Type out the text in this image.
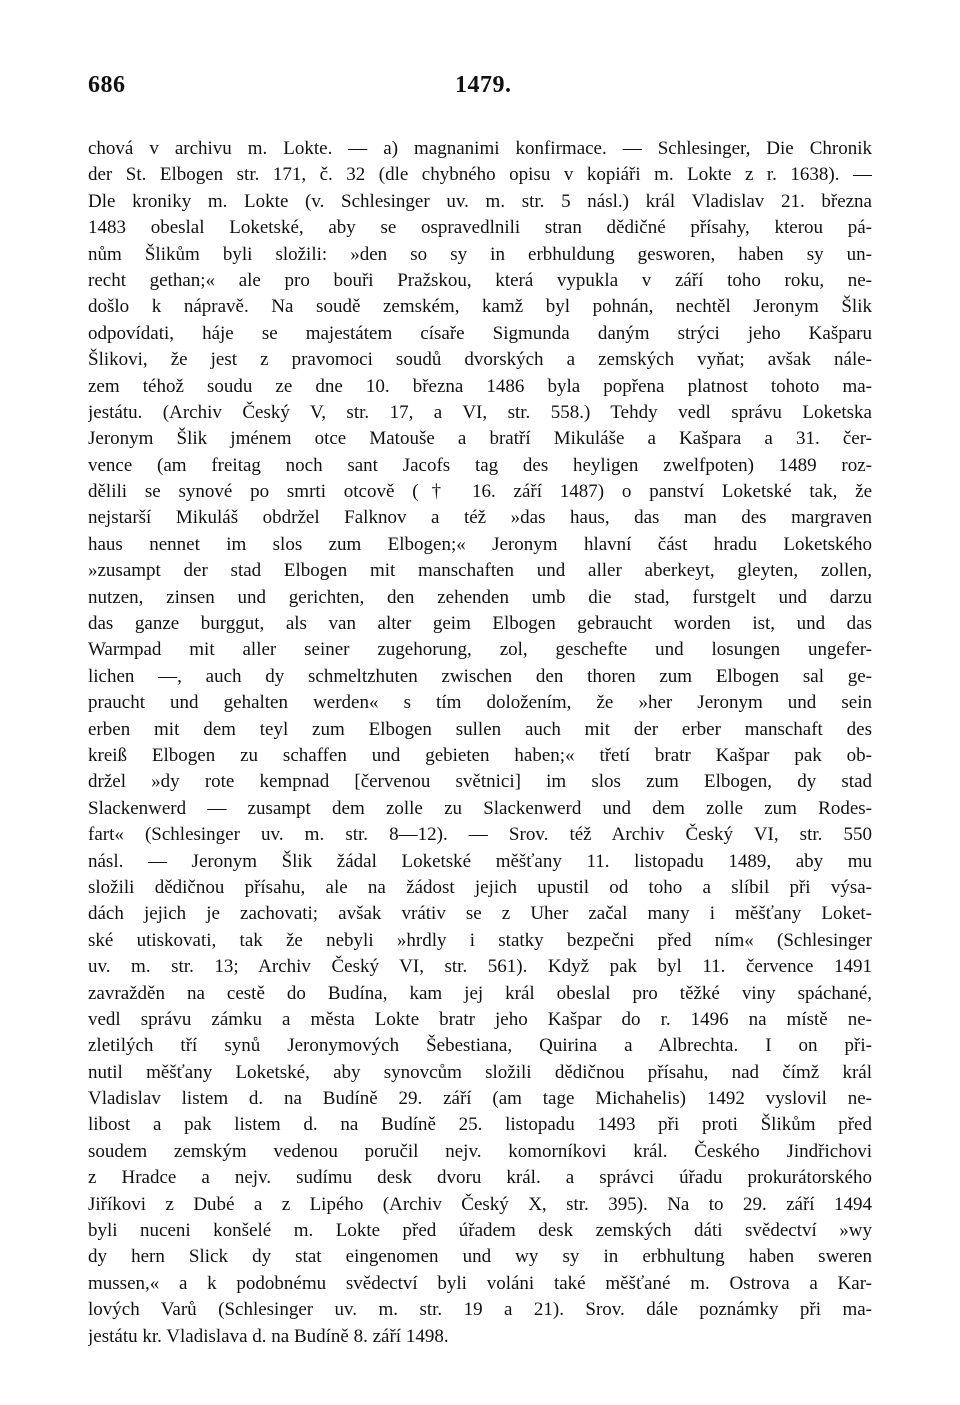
686	1479.
chová v archivu m. Lokte. — a) magnanimi konfirmace. — Schlesinger, Die Chronik
der St. Elbogen str. 171, č. 32 (dle chybného opisu v kopiáři m. Lokte z r. 1638). —
Dle kroniky m. Lokte (v. Schlesinger uv. m. str. 5 násl.) král Vladislav 21. března
1483 obeslal Loketské, aby se ospravedlnili stran dědičné přísahy, kterou pá-
nům Šlikům byli složili: »den so sy in erbhuldung gesworen, haben sy un-
recht gethan;« ale pro bouři Pražskou, která vypukla v září toho roku, ne-
došlo k nápravě. Na soudě zemském, kamž byl pohnán, nechtěl Jeronym Šlik
odpovídati, háje se majestátem císaře Sigmunda daným strýci jeho Kašparu
Šlikovi, že jest z pravomoci soudů dvorských a zemských vyňat; avšak nále-
zem téhož soudu ze dne 10. března 1486 byla popřena platnost tohoto ma-
jestátu. (Archiv Český V, str. 17, a VI, str. 558.) Tehdy vedl správu Loketska
Jeronym Šlik jménem otce Matouše a bratří Mikuláše a Kašpara a 31. čer-
vence (am freitag noch sant Jacofs tag des heyligen zwelfpoten) 1489 roz-
dělili se synové po smrti otcově († 16. září 1487) o panství Loketské tak, že
nejstarší Mikuláš obdržel Falknov a též »das haus, das man des margraven
haus nennet im slos zum Elbogen;« Jeronym hlavní část hradu Loketského
»zusampt der stad Elbogen mit manschaften und aller aberkeyt, gleyten, zollen,
nutzen, zinsen und gerichten, den zehenden umb die stad, furstgelt und darzu
das ganze burggut, als van alter geim Elbogen gebraucht worden ist, und das
Warmpad mit aller seiner zugehorung, zol, geschefte und losungen ungefer-
lichen —, auch dy schmeltzhuten zwischen den thoren zum Elbogen sal ge-
praucht und gehalten werden« s tím doložením, že »her Jeronym und sein
erben mit dem teyl zum Elbogen sullen auch mit der erber manschaft des
kreiß Elbogen zu schaffen und gebieten haben;« třetí bratr Kašpar pak ob-
držel »dy rote kempnad [červenou světnici] im slos zum Elbogen, dy stad
Slackenwerd — zusampt dem zolle zu Slackenwerd und dem zolle zum Rodes-
fart« (Schlesinger uv. m. str. 8—12). — Srov. též Archiv Český VI, str. 550
násl. — Jeronym Šlik žádal Loketské měšťany 11. listopadu 1489, aby mu
složili dědičnou přísahu, ale na žádost jejich upustil od toho a slíbil při výsa-
dách jejich je zachovati; avšak vrátiv se z Uher začal many i měšťany Loket-
ské utiskovati, tak že nebyli »hrdly i statky bezpečni před ním« (Schlesinger
uv. m. str. 13; Archiv Český VI, str. 561). Když pak byl 11. července 1491
zavražděn na cestě do Budína, kam jej král obeslal pro těžké viny spáchané,
vedl správu zámku a města Lokte bratr jeho Kašpar do r. 1496 na místě ne-
zletilých tří synů Jeronymových Šebestiana, Quirina a Albrechta. I on při-
nutil měšťany Loketské, aby synovcům složili dědičnou přísahu, nad čímž král
Vladislav listem d. na Budíně 29. září (am tage Michahelis) 1492 vyslovil ne-
libost a pak listem d. na Budíně 25. listopadu 1493 při proti Šlikům před
soudem zemským vedenou poručil nejv. komorníkovi král. Českého Jindřichovi
z Hradce a nejv. sudímu desk dvoru král. a správci úřadu prokurátorského
Jiříkovi z Dubé a z Lipého (Archiv Český X, str. 395). Na to 29. září 1494
byli nuceni konšelé m. Lokte před úřadem desk zemských dáti svědectví »wy
dy hern Slick dy stat eingenomen und wy sy in erbhultung haben sweren
mussen,« a k podobnému svědectví byli voláni také měšťané m. Ostrova a Kar-
lových Varů (Schlesinger uv. m. str. 19 a 21). Srov. dále poznámky při ma-
jestátu kr. Vladislava d. na Budíně 8. září 1498.
